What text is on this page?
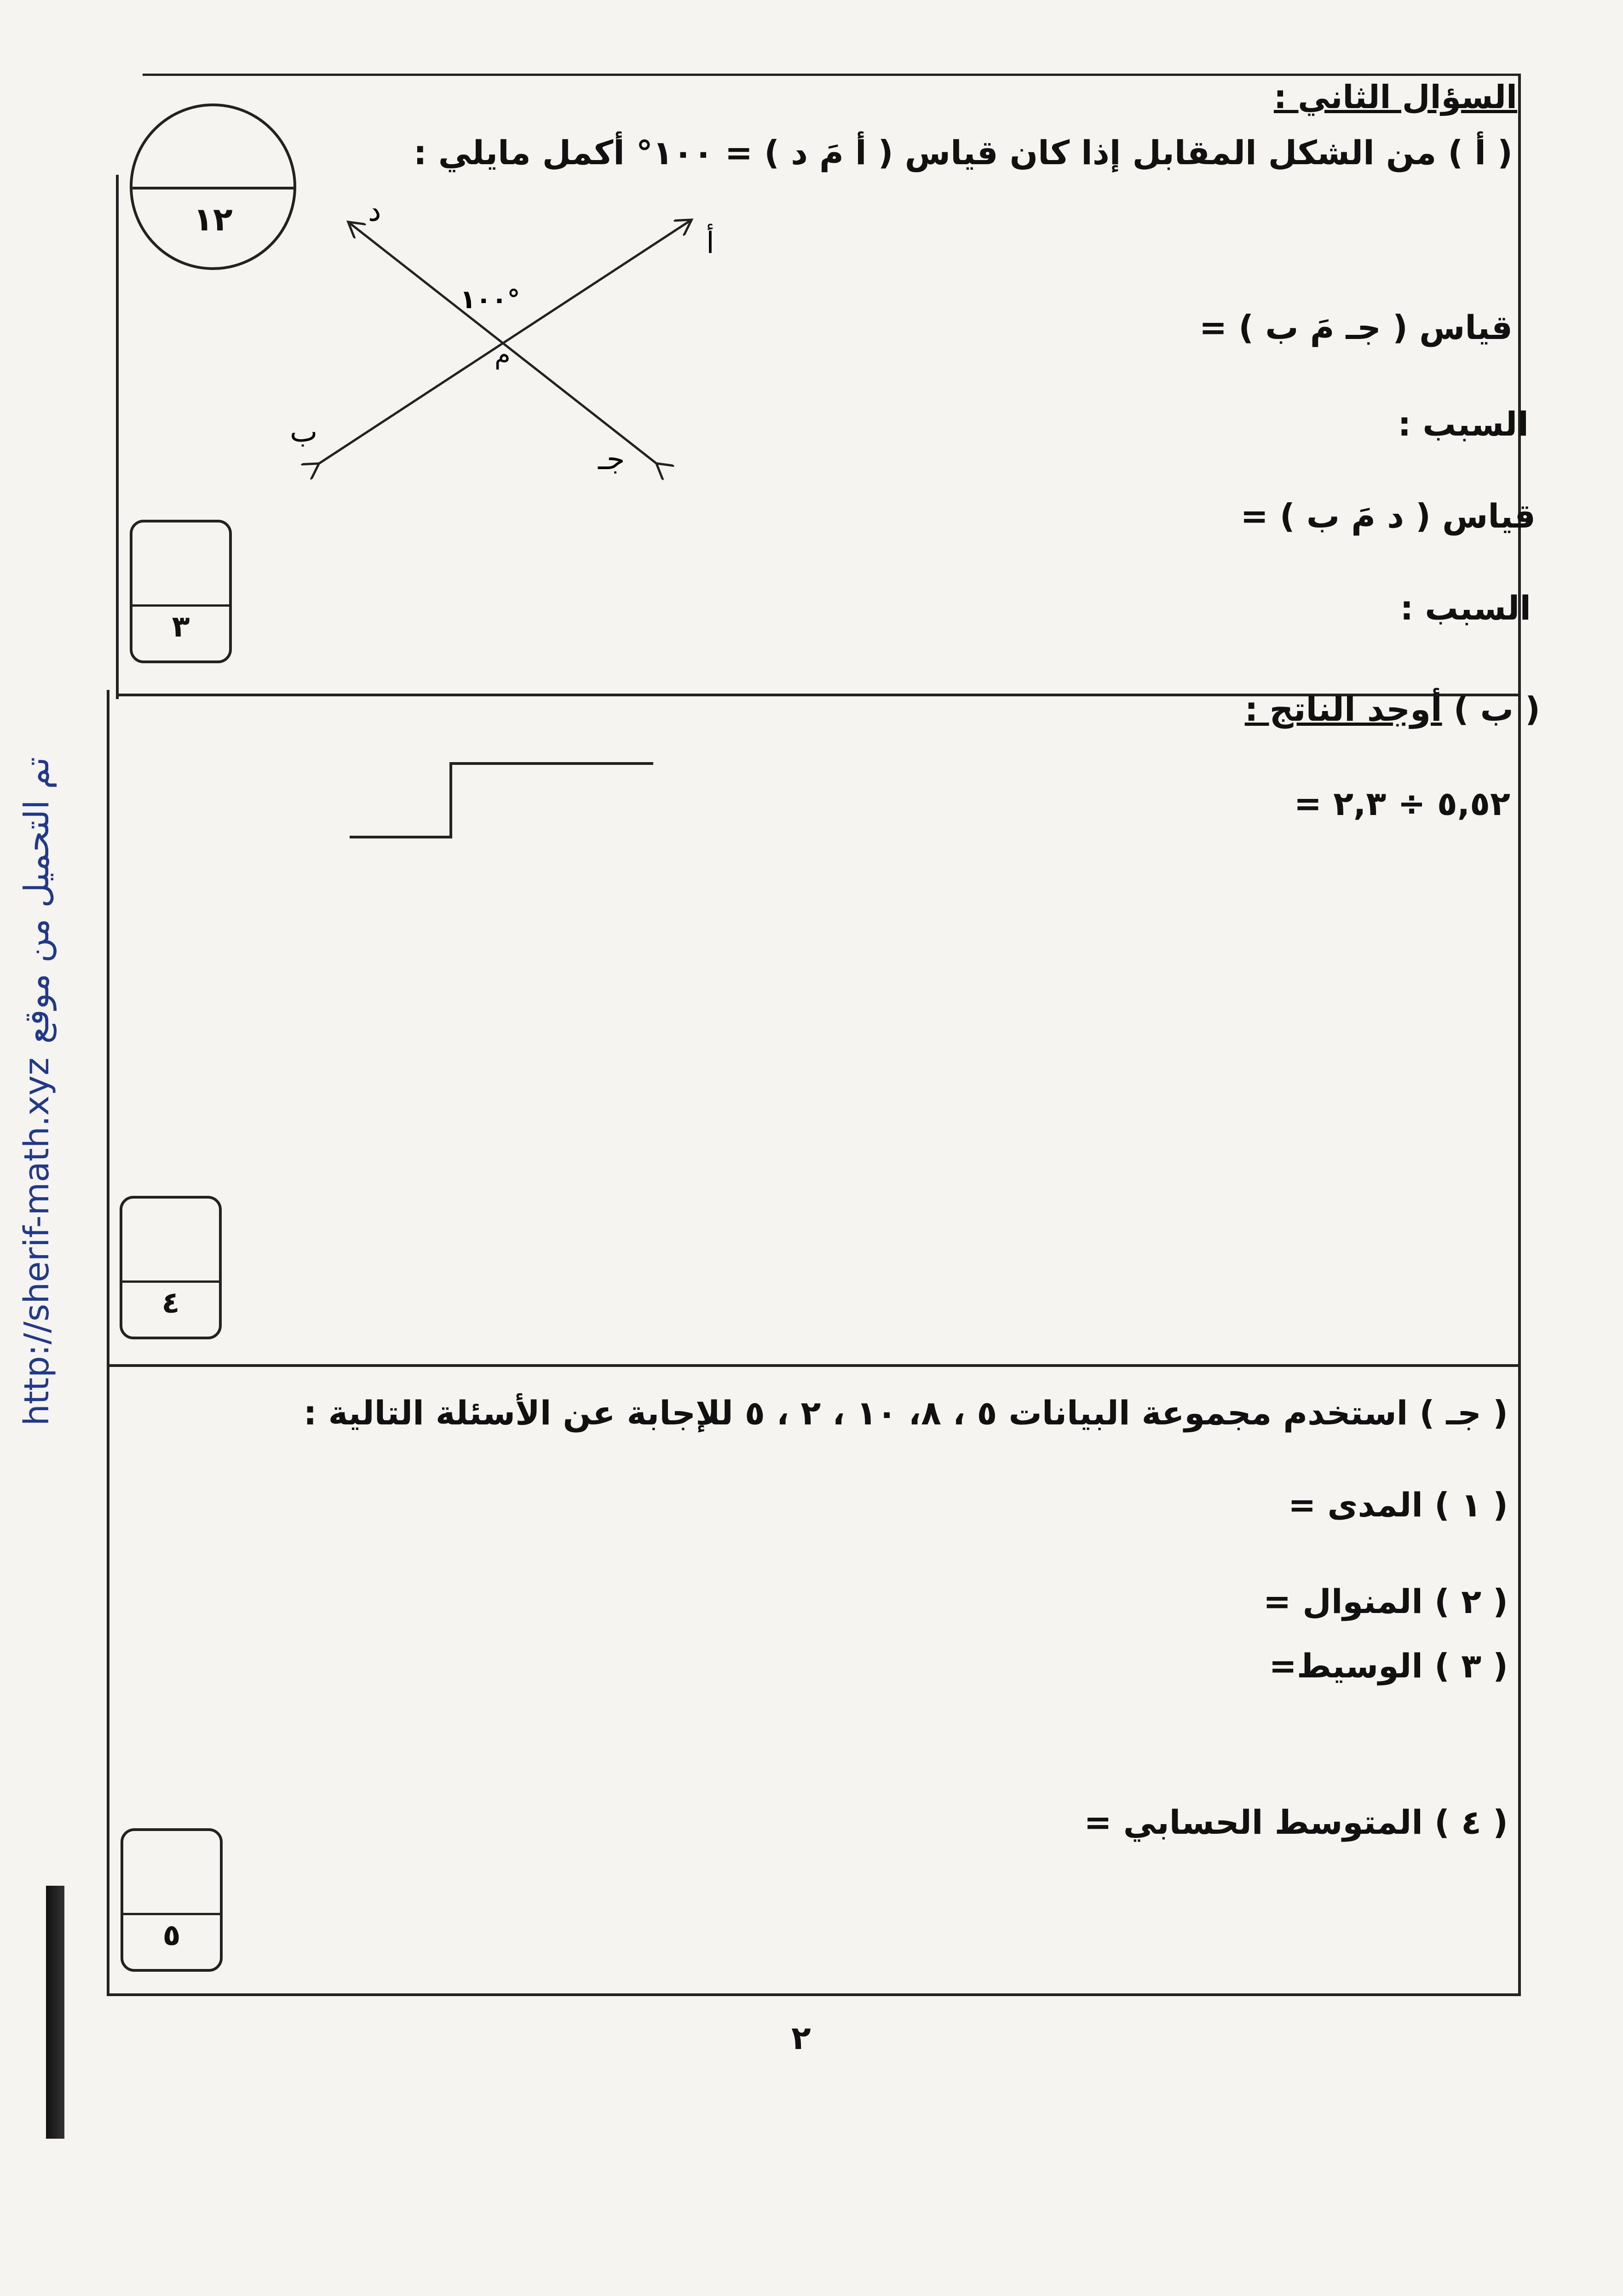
السؤال الثاني :
١٢
( أ ) من الشكل المقابل إذا كان قياس ( أ مَ د ) = ١٠٠° أكمل مايلي :
أ
د
ب
جـ
م
١٠٠°
قياس ( جـ مَ ب ) =
السبب :
قياس ( د مَ ب ) =
السبب :
٣
( ب ) أوجد الناتج :
٥,٥٢ ÷ ٢,٣ =
٤
( جـ ) استخدم مجموعة البيانات ٥ ، ٨، ١٠ ، ٢ ، ٥ للإجابة عن الأسئلة التالية :
( ١ ) المدى =
( ٢ ) المنوال =
( ٣ ) الوسيط=
( ٤ ) المتوسط الحسابي =
٥
٢
http://sherif-math.xyz
تم التحميل من موقع
